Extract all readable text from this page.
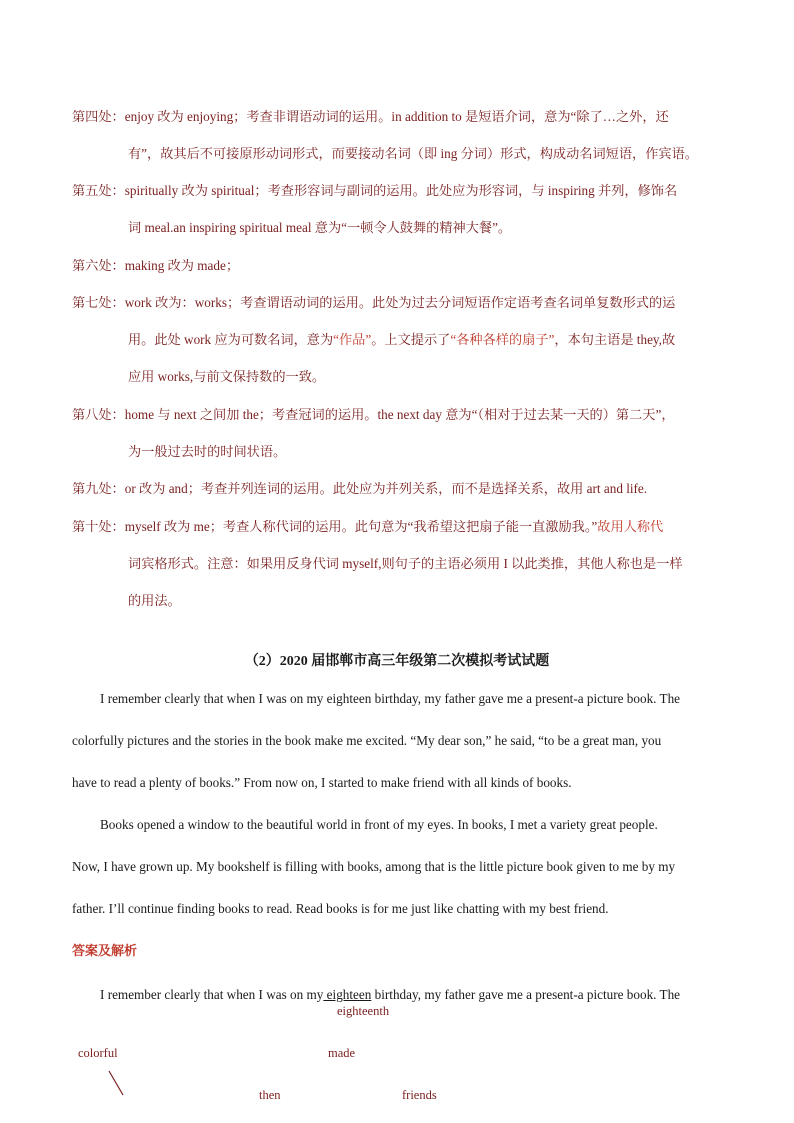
第四处：enjoy 改为 enjoying；考查非谓语动词的运用。in addition to 是短语介词，意为“除了…之外，还
有”，故其后不可接原形动词形式，而要接动名词（即 ing 分词）形式，构成动名词短语，作宾语。
第五处：spiritually 改为 spiritual；考查形容词与副词的运用。此处应为形容词，与 inspiring 并列，修饰名
词 meal.an inspiring spiritual meal 意为“一顿令人鼓舞的精神大餐”。
第六处：making 改为 made；
第七处：work 改为：works；考查谓语动词的运用。此处为过去分词短语作定语考查名词单复数形式的运
用。此处 work 应为可数名词，意为“作品”。上文提示了“各种各样的扇子”，本句主语是 they,故
应用 works,与前文保持数的一致。
第八处：home 与 next 之间加 the；考查冠词的运用。the next day 意为“（相对于过去某一天的）第二天”，
为一般过去时的时间状语。
第九处：or 改为 and；考查并列连词的运用。此处应为并列关系，而不是选择关系，故用 art and life.
第十处：myself 改为 me；考查人称代词的运用。此句意为“我希望这把扇子能一直激励我。”故用人称代
词宾格形式。注意：如果用反身代词 myself,则句子的主语必须用 I 以此类推，其他人称也是一样
的用法。
（2）2020 届邯郸市高三年级第二次模拟考试试题
I remember clearly that when I was on my eighteen birthday, my father gave me a present-a picture book. The
colorfully pictures and the stories in the book make me excited. “My dear son,” he said, “to be a great man, you
have to read a plenty of books.” From now on, I started to make friend with all kinds of books.
Books opened a window to the beautiful world in front of my eyes. In books, I met a variety great people.
Now, I have grown up. My bookshelf is filling with books, among that is the little picture book given to me by my
father. I’ll continue finding books to read. Read books is for me just like chatting with my best friend.
答案及解析
I remember clearly that when I was on my eighteen birthday, my father gave me a present-a picture book. The
eighteenth
colorful	made
then	friends
